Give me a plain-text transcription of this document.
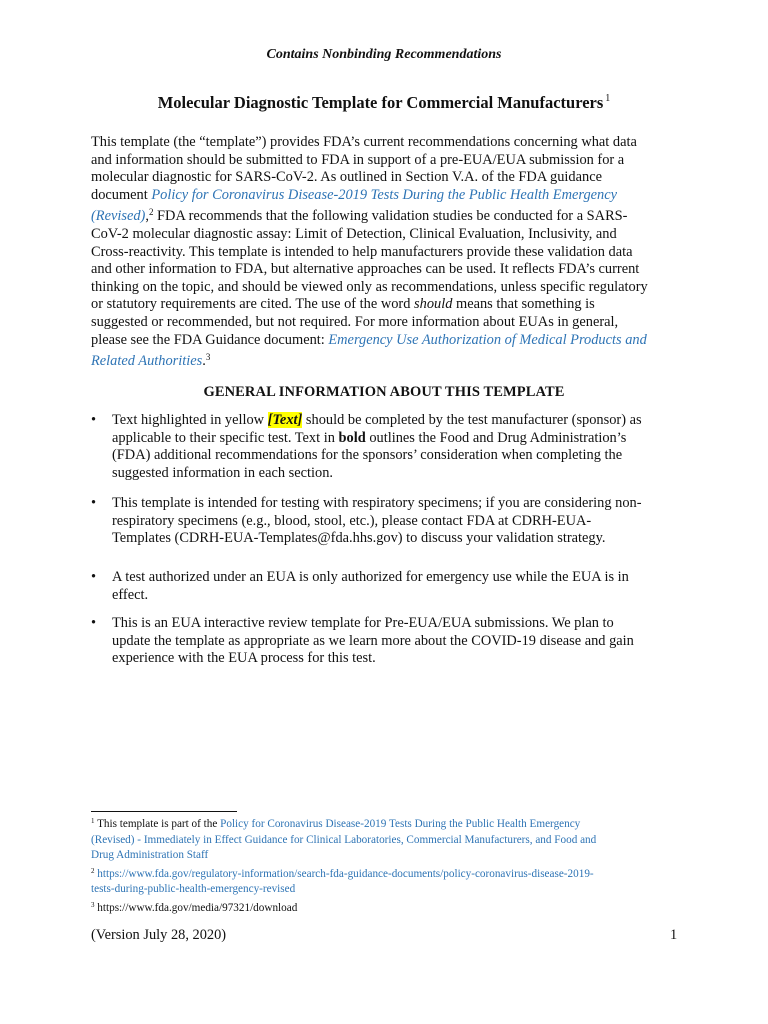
Contains Nonbinding Recommendations
Molecular Diagnostic Template for Commercial Manufacturers $^1$

This template (the “template”) provides FDA’s current recommendations concerning what data

and information should be submitted to FDA in support of a pre-EUA/EUA submission for a

molecular diagnostic for SARS-CoV-2. As outlined in Section V.A. of the FDA guidance

document Policy for Coronavirus Disease-2019 Tests During the Public Health Emergency

(Revised),$^2$ FDA recommends that the following validation studies be conducted for a SARS-

CoV-2 molecular diagnostic assay: Limit of Detection, Clinical Evaluation, Inclusivity, and

Cross-reactivity. This template is intended to help manufacturers provide these validation data

and other information to FDA, but alternative approaches can be used. It reflects FDA’s current

thinking on the topic, and should be viewed only as recommendations, unless specific regulatory

or statutory requirements are cited. The use of the word should means that something is

suggested or recommended, but not required. For more information about EUAs in general,

please see the FDA Guidance document: Emergency Use Authorization of Medical Products and

Related Authorities.$^3$

GENERAL INFORMATION ABOUT THIS TEMPLATE
•	Text highlighted in yellow [Text] should be completed by the test manufacturer (sponsor) as
applicable to their specific test. Text in bold outlines the Food and Drug Administration’s
(FDA) additional recommendations for the sponsors’ consideration when completing the
suggested information in each section.
•	This template is intended for testing with respiratory specimens; if you are considering non-
respiratory specimens (e.g., blood, stool, etc.), please contact FDA at CDRH-EUA-
Templates (CDRH-EUA-Templates@fda.hhs.gov) to discuss your validation strategy.
•	A test authorized under an EUA is only authorized for emergency use while the EUA is in
effect.
•	This is an EUA interactive review template for Pre-EUA/EUA submissions. We plan to
update the template as appropriate as we learn more about the COVID-19 disease and gain
experience with the EUA process for this test.
$^1$ This template is part of the Policy for Coronavirus Disease-2019 Tests During the Public Health Emergency
(Revised) - Immediately in Effect Guidance for Clinical Laboratories, Commercial Manufacturers, and Food and
Drug Administration Staff
$^2$ https://www.fda.gov/regulatory-information/search-fda-guidance-documents/policy-coronavirus-disease-2019-
tests-during-public-health-emergency-revised
$^3$ https://www.fda.gov/media/97321/download
(Version July 28, 2020)	1
